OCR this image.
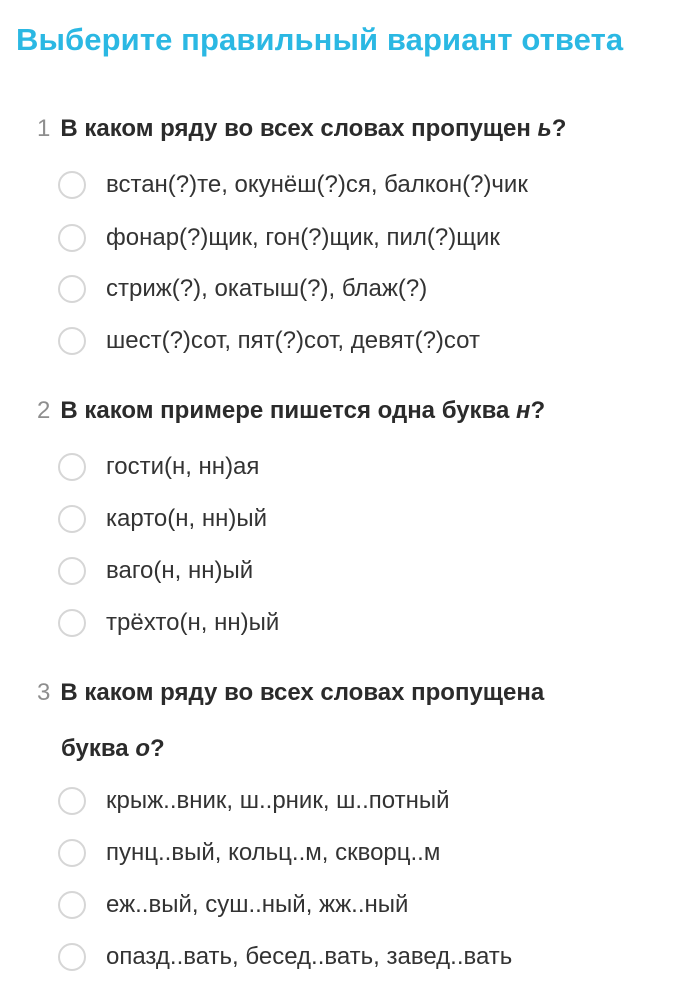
Выберите правильный вариант ответа
1 В каком ряду во всех словах пропущен ь?
встан(?)те, окунёш(?)ся, балкон(?)чик
фонар(?)щик, гон(?)щик, пил(?)щик
стриж(?), окатыш(?), блаж(?)
шест(?)сот, пят(?)сот, девят(?)сот
2 В каком примере пишется одна буква н?
гости(н, нн)ая
карто(н, нн)ый
ваго(н, нн)ый
трёхто(н, нн)ый
3 В каком ряду во всех словах пропущена
буква о?
крыж..вник, ш..рник, ш..потный
пунц..вый, кольц..м, скворц..м
еж..вый, суш..ный, жж..ный
опазд..вать, бесед..вать, завед..вать
